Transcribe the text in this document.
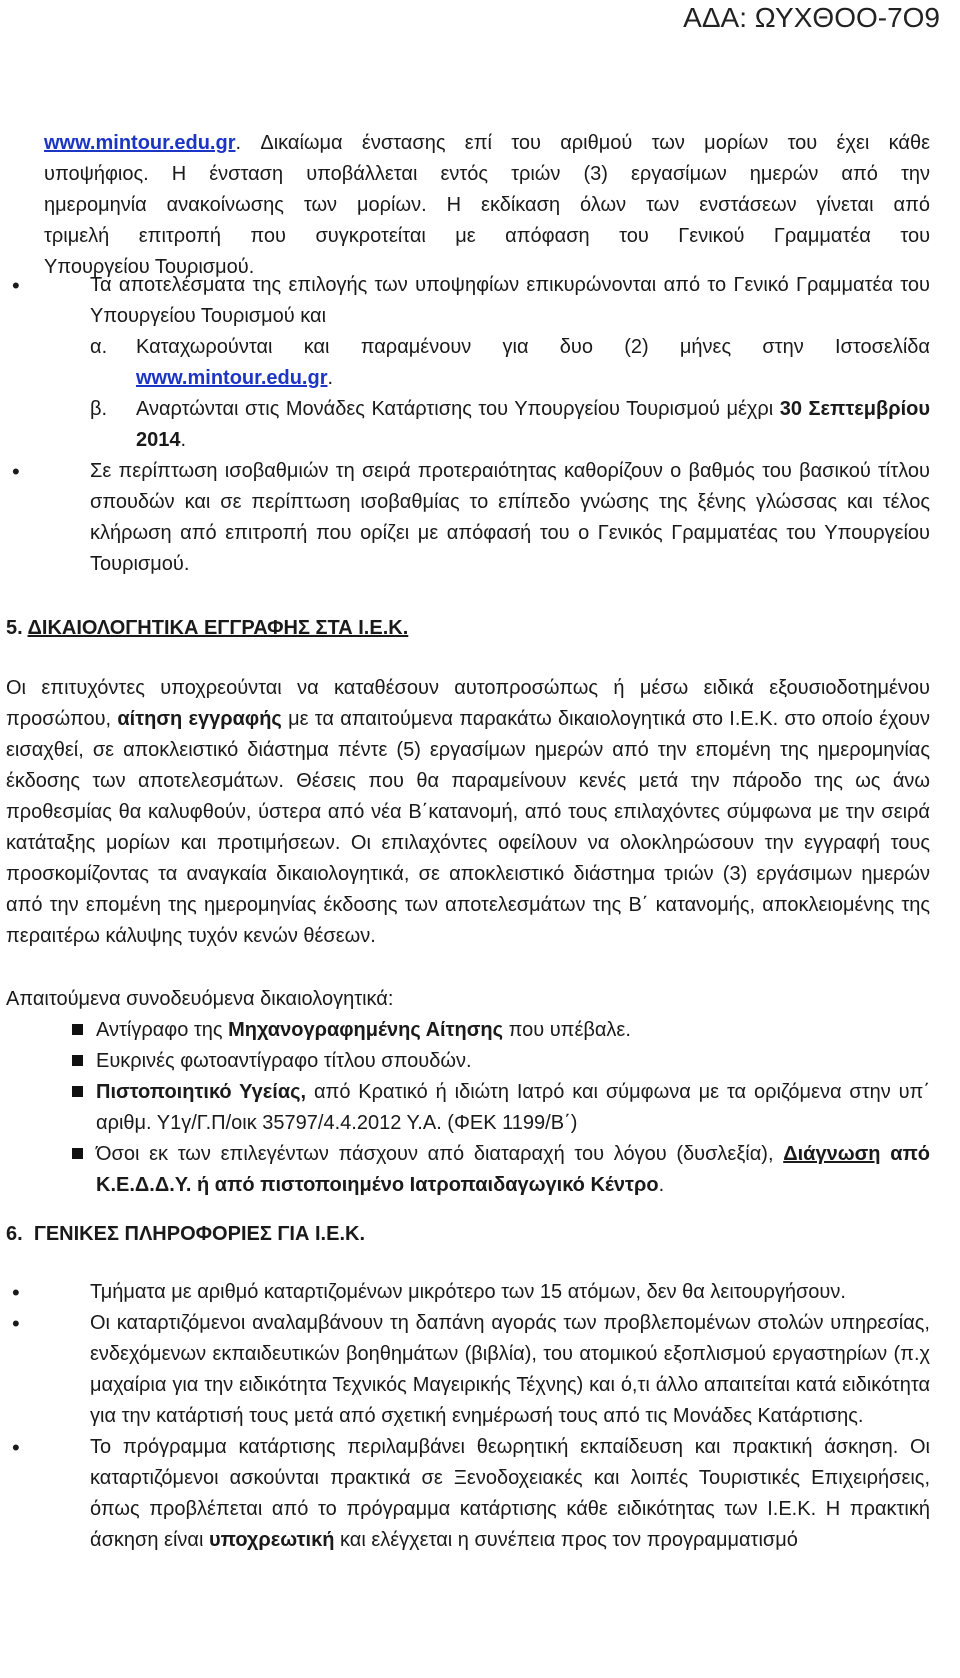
ΑΔΑ: ΩΥΧΘΟΟ-7Ο9
www.mintour.edu.gr. Δικαίωμα ένστασης επί του αριθμού των μορίων του έχει κάθε
υποψήφιος. Η ένσταση υποβάλλεται εντός τριών (3) εργασίμων ημερών από την
ημερομηνία ανακοίνωσης των μορίων. Η εκδίκαση όλων των ενστάσεων γίνεται από
τριμελή επιτροπή που συγκροτείται με απόφαση του Γενικού Γραμματέα του
Υπουργείου Τουρισμού.
•	Τα αποτελέσματα της επιλογής των υποψηφίων επικυρώνονται από το Γενικό Γραμματέα του Υπουργείου Τουρισμού και
α.	Καταχωρούνται και παραμένουν για δυο (2) μήνες στην Ιστοσελίδα
www.mintour.edu.gr.
β.	Αναρτώνται στις Μονάδες Κατάρτισης του Υπουργείου Τουρισμού μέχρι 30 Σεπτεμβρίου 2014.
•	Σε περίπτωση ισοβαθμιών τη σειρά προτεραιότητας καθορίζουν ο βαθμός του βασικού τίτλου σπουδών και σε περίπτωση ισοβαθμίας το επίπεδο γνώσης της ξένης γλώσσας και τέλος κλήρωση από επιτροπή που ορίζει με απόφασή του ο Γενικός Γραμματέας του Υπουργείου Τουρισμού.
5. ΔΙΚΑΙΟΛΟΓΗΤΙΚΑ ΕΓΓΡΑΦΗΣ ΣΤΑ Ι.Ε.Κ.
Οι επιτυχόντες υποχρεούνται να καταθέσουν αυτοπροσώπως ή μέσω ειδικά εξουσιοδοτημένου προσώπου, αίτηση εγγραφής με τα απαιτούμενα παρακάτω δικαιολογητικά στο Ι.Ε.Κ. στο οποίο έχουν εισαχθεί, σε αποκλειστικό διάστημα πέντε (5) εργασίμων ημερών από την επομένη της ημερομηνίας έκδοσης των αποτελεσμάτων. Θέσεις που θα παραμείνουν κενές μετά την πάροδο της ως άνω προθεσμίας θα καλυφθούν, ύστερα από νέα Β΄κατανομή, από τους επιλαχόντες σύμφωνα με την σειρά κατάταξης μορίων και προτιμήσεων. Οι επιλαχόντες οφείλουν να ολοκληρώσουν την εγγραφή τους προσκομίζοντας τα αναγκαία δικαιολογητικά, σε αποκλειστικό διάστημα τριών (3) εργάσιμων ημερών από την επομένη της ημερομηνίας έκδοσης των αποτελεσμάτων της Β΄ κατανομής, αποκλειομένης της περαιτέρω κάλυψης τυχόν κενών θέσεων.
Απαιτούμενα συνοδευόμενα δικαιολογητικά:
Αντίγραφο της Μηχανογραφημένης Αίτησης που υπέβαλε.
Ευκρινές φωτοαντίγραφο τίτλου σπουδών.
Πιστοποιητικό Υγείας, από Κρατικό ή ιδιώτη Ιατρό και σύμφωνα με τα οριζόμενα στην υπ΄ αριθμ. Υ1γ/Γ.Π/οικ 35797/4.4.2012 Υ.Α. (ΦΕΚ 1199/Β΄)
Όσοι εκ των επιλεγέντων πάσχουν από διαταραχή του λόγου (δυσλεξία), Διάγνωση από Κ.Ε.Δ.Δ.Υ. ή από πιστοποιημένο Ιατροπαιδαγωγικό Κέντρο.
6. ΓΕΝΙΚΕΣ ΠΛΗΡΟΦΟΡΙΕΣ ΓΙΑ Ι.Ε.Κ.
•	Τμήματα με αριθμό καταρτιζομένων μικρότερο των 15 ατόμων, δεν θα λειτουργήσουν.
•	Οι καταρτιζόμενοι αναλαμβάνουν τη δαπάνη αγοράς των προβλεπομένων στολών υπηρεσίας, ενδεχόμενων εκπαιδευτικών βοηθημάτων (βιβλία), του ατομικού εξοπλισμού εργαστηρίων (π.χ μαχαίρια για την ειδικότητα Τεχνικός Μαγειρικής Τέχνης) και ό,τι άλλο απαιτείται κατά ειδικότητα για την κατάρτισή τους μετά από σχετική ενημέρωσή τους από τις Μονάδες Κατάρτισης.
•	Το πρόγραμμα κατάρτισης περιλαμβάνει θεωρητική εκπαίδευση και πρακτική άσκηση. Οι καταρτιζόμενοι ασκούνται πρακτικά σε Ξενοδοχειακές και λοιπές Τουριστικές Επιχειρήσεις, όπως προβλέπεται από το πρόγραμμα κατάρτισης κάθε ειδικότητας των Ι.Ε.Κ. Η πρακτική άσκηση είναι υποχρεωτική και ελέγχεται η συνέπεια προς τον προγραμματισμό
